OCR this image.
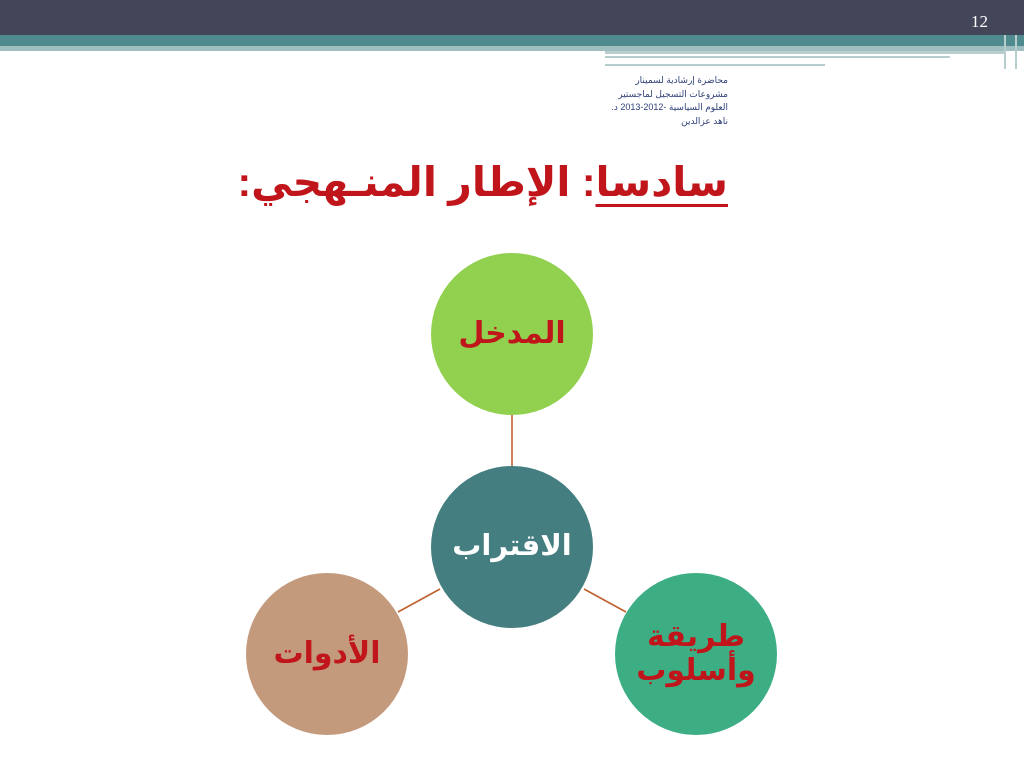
12
محاضرة إرشادية لسمينار
مشروعات التسجيل لماجستير
العلوم السياسية -2012-2013 د.
ناهد عزالدين
سادسا: الإطار المنـهجي:
المدخل
الاقتراب
الأدوات
طريقة
وأسلوب
